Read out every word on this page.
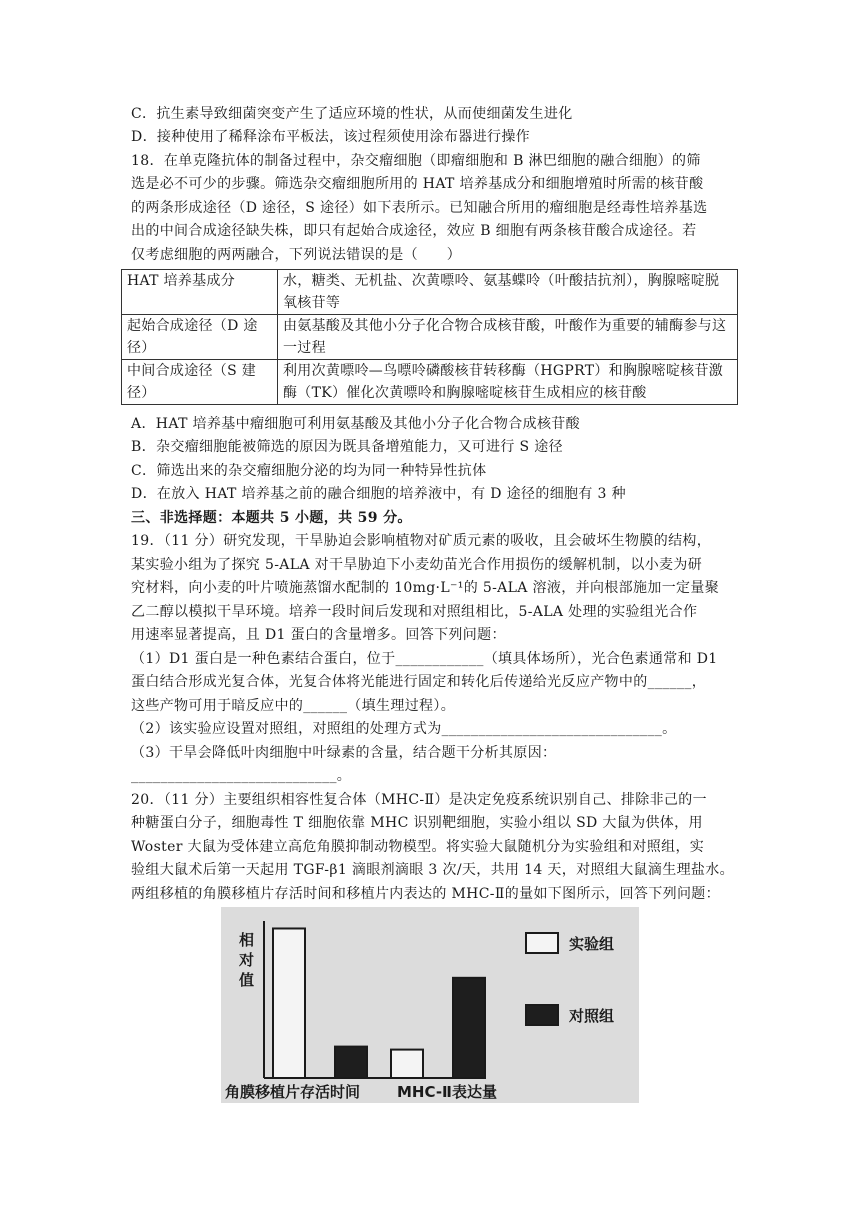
C．抗生素导致细菌突变产生了适应环境的性状，从而使细菌发生进化
D．接种使用了稀释涂布平板法，该过程须使用涂布器进行操作
18．在单克隆抗体的制备过程中，杂交瘤细胞（即瘤细胞和 B 淋巴细胞的融合细胞）的筛
选是必不可少的步骤。筛选杂交瘤细胞所用的 HAT 培养基成分和细胞增殖时所需的核苷酸
的两条形成途径（D 途径，S 途径）如下表所示。已知融合所用的瘤细胞是经毒性培养基选
出的中间合成途径缺失株，即只有起始合成途径，效应 B 细胞有两条核苷酸合成途径。若
仅考虑细胞的两两融合，下列说法错误的是（　　）
HAT 培养基成分	水，糖类、无机盐、次黄嘌呤、氨基蝶呤（叶酸拮抗剂），胸腺嘧啶脱氧核苷等
起始合成途径（D 途径）	由氨基酸及其他小分子化合物合成核苷酸，叶酸作为重要的辅酶参与这一过程
中间合成途径（S 建径）	利用次黄嘌呤—鸟嘌呤磷酸核苷转移酶（HGPRT）和胸腺嘧啶核苷激酶（TK）催化次黄嘌呤和胸腺嘧啶核苷生成相应的核苷酸
A．HAT 培养基中瘤细胞可利用氨基酸及其他小分子化合物合成核苷酸
B．杂交瘤细胞能被筛选的原因为既具备增殖能力，又可进行 S 途径
C．筛选出来的杂交瘤细胞分泌的均为同一种特异性抗体
D．在放入 HAT 培养基之前的融合细胞的培养液中，有 D 途径的细胞有 3 种
三、非选择题：本题共 5 小题，共 59 分。
19．（11 分）研究发现，干旱胁迫会影响植物对矿质元素的吸收，且会破坏生物膜的结构，
某实验小组为了探究 5-ALA 对干旱胁迫下小麦幼苗光合作用损伤的缓解机制，以小麦为研
究材料，向小麦的叶片喷施蒸馏水配制的 10mg·L⁻¹的 5-ALA 溶液，并向根部施加一定量聚
乙二醇以模拟干旱环境。培养一段时间后发现和对照组相比，5-ALA 处理的实验组光合作
用速率显著提高，且 D1 蛋白的含量增多。回答下列问题：
（1）D1 蛋白是一种色素结合蛋白，位于____________（填具体场所），光合色素通常和 D1
蛋白结合形成光复合体，光复合体将光能进行固定和转化后传递给光反应产物中的______，
这些产物可用于暗反应中的______（填生理过程）。
（2）该实验应设置对照组，对照组的处理方式为______________________________。
（3）干旱会降低叶肉细胞中叶绿素的含量，结合题干分析其原因：
____________________________。
20．（11 分）主要组织相容性复合体（MHC-Ⅱ）是决定免疫系统识别自己、排除非己的一
种糖蛋白分子，细胞毒性 T 细胞依靠 MHC 识别靶细胞，实验小组以 SD 大鼠为供体，用
Woster 大鼠为受体建立高危角膜抑制动物模型。将实验大鼠随机分为实验组和对照组，实
验组大鼠术后第一天起用 TGF-β1 滴眼剂滴眼 3 次/天，共用 14 天，对照组大鼠滴生理盐水。
两组移植的角膜移植片存活时间和移植片内表达的 MHC-Ⅱ的量如下图所示，回答下列问题：
相对值
角膜移植片存活时间 MHC-Ⅱ表达量
实验组
对照组
